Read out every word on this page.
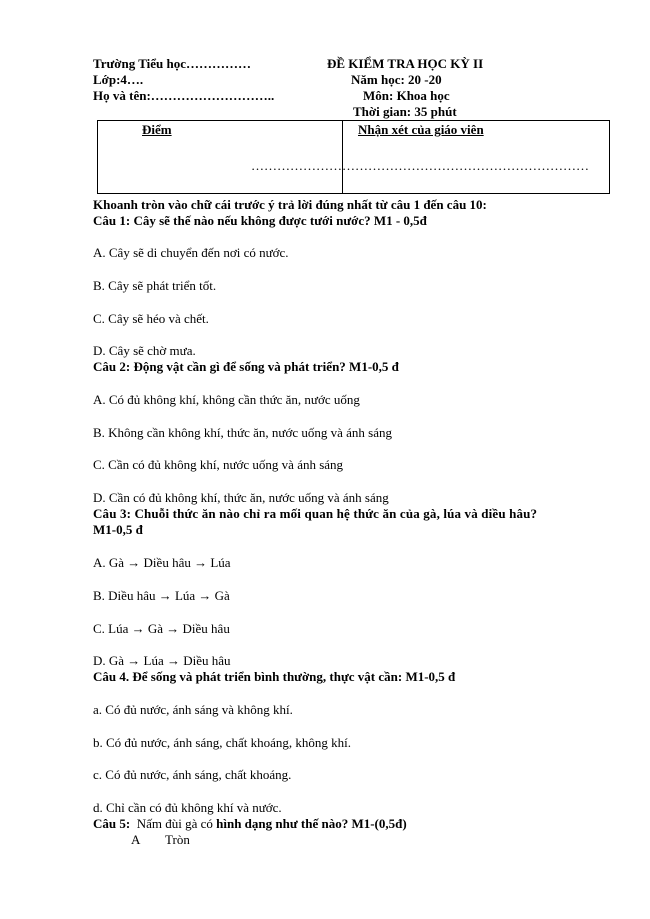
Trường Tiểu học……………
Lớp:4….
Họ và tên:………………………..
ĐỀ KIỂM TRA HỌC KỲ II
Năm học: 20 -20
Môn: Khoa học
Thời gian: 35 phút
Điểm	Nhận xét của giáo viên
……………………………………………………………………
Khoanh tròn vào chữ cái trước ý trả lời đúng nhất từ câu 1 đến câu 10:
Câu 1: Cây sẽ thế nào nếu không được tưới nước? M1 - 0,5đ
A. Cây sẽ di chuyển đến nơi có nước.
B. Cây sẽ phát triển tốt.
C. Cây sẽ héo và chết.
D. Cây sẽ chờ mưa.
Câu 2: Động vật cần gì để sống và phát triển? M1-0,5 đ
A. Có đủ không khí, không cần thức ăn, nước uống
B. Không cần không khí, thức ăn, nước uống và ánh sáng
C. Cần có đủ không khí, nước uống và ánh sáng
D. Cần có đủ không khí, thức ăn, nước uống và ánh sáng
Câu 3: Chuỗi thức ăn nào chỉ ra mối quan hệ thức ăn của gà, lúa và diều hâu?
M1-0,5 đ
A. Gà → Diều hâu → Lúa
B. Diều hâu → Lúa → Gà
C. Lúa → Gà → Diều hâu
D. Gà → Lúa → Diều hâu
Câu 4. Để sống và phát triển bình thường, thực vật cần: M1-0,5 đ
a. Có đủ nước, ánh sáng và không khí.
b. Có đủ nước, ánh sáng, chất khoáng, không khí.
c. Có đủ nước, ánh sáng, chất khoáng.
d. Chỉ cần có đủ không khí và nước.
Câu 5: Nấm đùi gà có hình dạng như thế nào? M1-(0,5đ)
A Tròn
